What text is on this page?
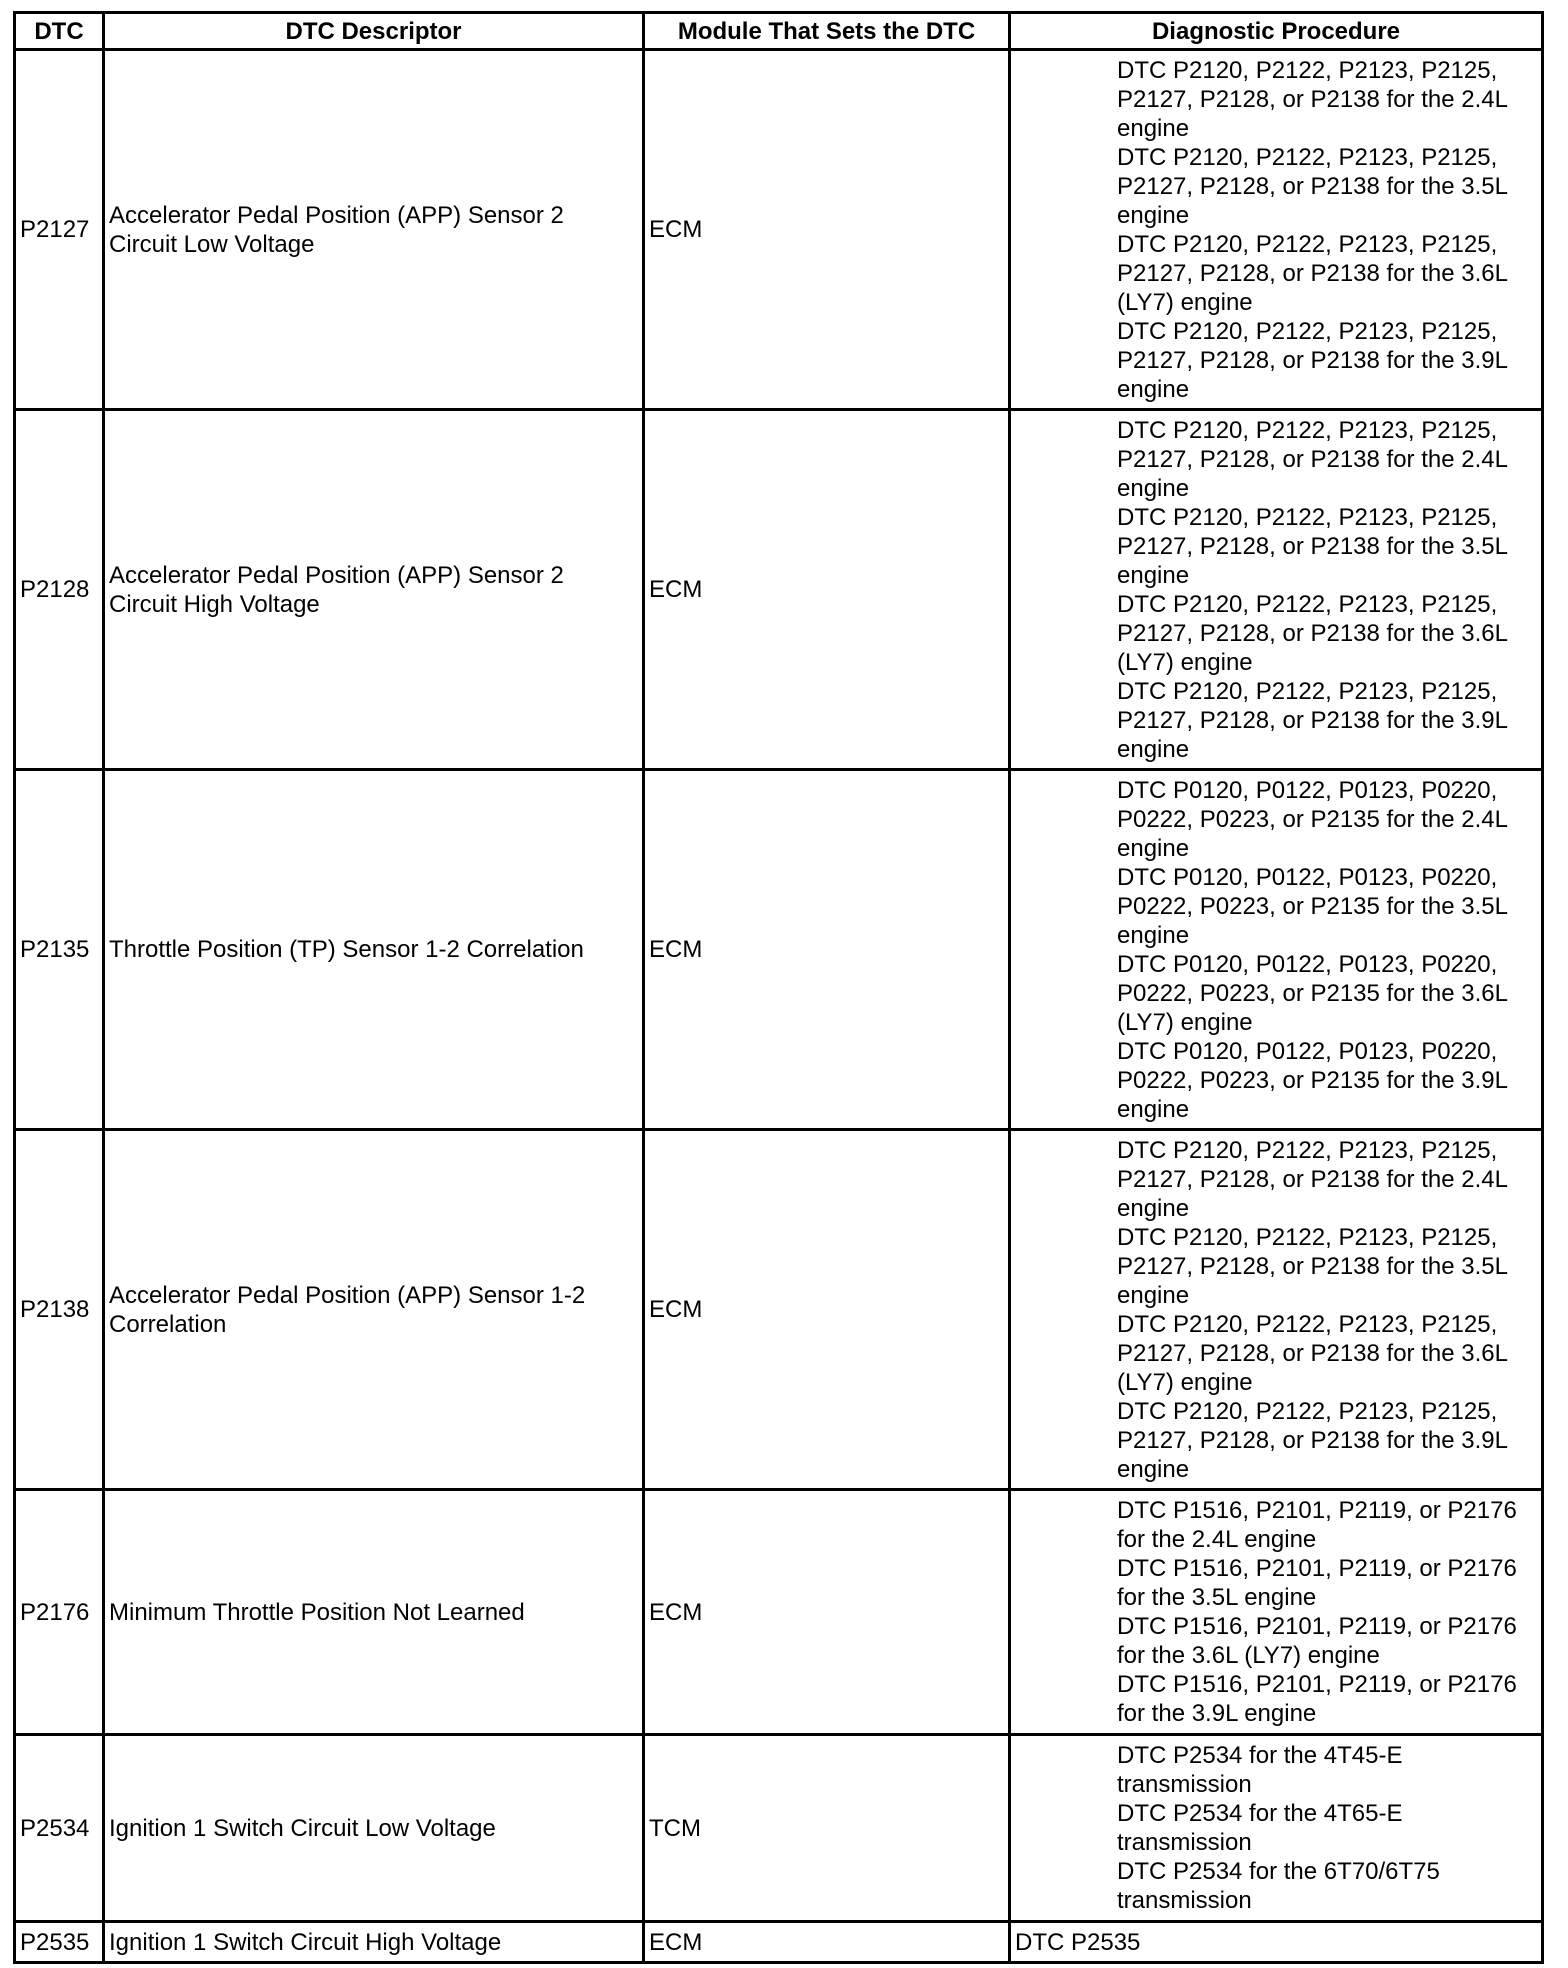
DTC	DTC Descriptor	Module That Sets the DTC	Diagnostic Procedure
P2127	Accelerator Pedal Position (APP) Sensor 2 Circuit Low Voltage	ECM	DTC P2120, P2122, P2123, P2125, P2127, P2128, or P2138 for the 2.4L engine
DTC P2120, P2122, P2123, P2125, P2127, P2128, or P2138 for the 3.5L engine
DTC P2120, P2122, P2123, P2125, P2127, P2128, or P2138 for the 3.6L (LY7) engine
DTC P2120, P2122, P2123, P2125, P2127, P2128, or P2138 for the 3.9L engine

P2128	Accelerator Pedal Position (APP) Sensor 2 Circuit High Voltage	ECM	DTC P2120, P2122, P2123, P2125, P2127, P2128, or P2138 for the 2.4L engine
DTC P2120, P2122, P2123, P2125, P2127, P2128, or P2138 for the 3.5L engine
DTC P2120, P2122, P2123, P2125, P2127, P2128, or P2138 for the 3.6L (LY7) engine
DTC P2120, P2122, P2123, P2125, P2127, P2128, or P2138 for the 3.9L engine

P2135	Throttle Position (TP) Sensor 1-2 Correlation	ECM	DTC P0120, P0122, P0123, P0220, P0222, P0223, or P2135 for the 2.4L engine
DTC P0120, P0122, P0123, P0220, P0222, P0223, or P2135 for the 3.5L engine
DTC P0120, P0122, P0123, P0220, P0222, P0223, or P2135 for the 3.6L (LY7) engine
DTC P0120, P0122, P0123, P0220, P0222, P0223, or P2135 for the 3.9L engine

P2138	Accelerator Pedal Position (APP) Sensor 1-2 Correlation	ECM	DTC P2120, P2122, P2123, P2125, P2127, P2128, or P2138 for the 2.4L engine
DTC P2120, P2122, P2123, P2125, P2127, P2128, or P2138 for the 3.5L engine
DTC P2120, P2122, P2123, P2125, P2127, P2128, or P2138 for the 3.6L (LY7) engine
DTC P2120, P2122, P2123, P2125, P2127, P2128, or P2138 for the 3.9L engine

P2176	Minimum Throttle Position Not Learned	ECM	DTC P1516, P2101, P2119, or P2176 for the 2.4L engine
DTC P1516, P2101, P2119, or P2176 for the 3.5L engine
DTC P1516, P2101, P2119, or P2176 for the 3.6L (LY7) engine
DTC P1516, P2101, P2119, or P2176 for the 3.9L engine

P2534	Ignition 1 Switch Circuit Low Voltage	TCM	DTC P2534 for the 4T45-E transmission
DTC P2534 for the 4T65-E transmission
DTC P2534 for the 6T70/6T75 transmission

P2535	Ignition 1 Switch Circuit High Voltage	ECM	DTC P2535
